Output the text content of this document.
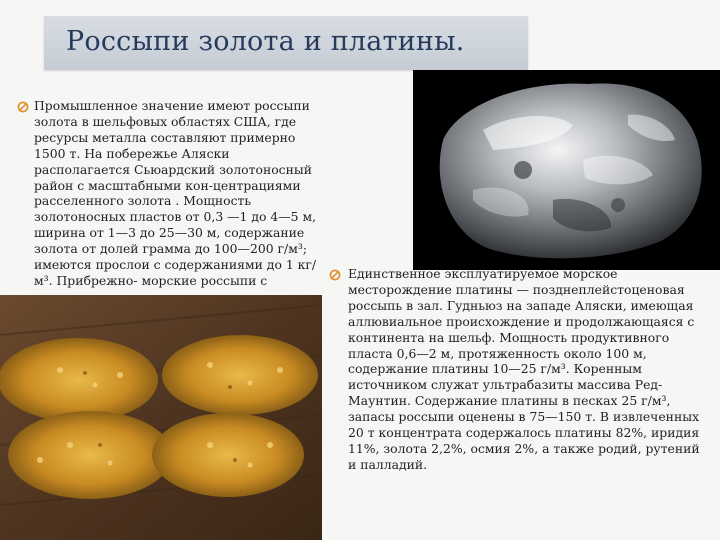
Россыпи золота и платины.
Промышленное значение имеют россыпи золота в шельфовых областях США, где ресурсы металла составляют примерно 1500 т. На побережье Аляски располагается Сьюардский золотоносный район с масштабными кон-центрациями расселенного золота . Мощность золотоносных пластов от 0,3 —1 до 4—5 м, ширина от 1—3 до 25—30 м, содержание золота от долей грамма до 100—200 г/м³; имеются прослои с содержаниями до 1 кг/м³. Прибрежно- морские россыпи с	Единственное эксплуатируемое морское месторождение платины — позднеплейстоценовая россыпь в зал. Гудньюз на западе Аляски, имеющая аллювиальное происхождение и продолжающаяся с континента на шельф. Мощность продуктивного пласта 0,6—2 м, протяженность около 100 м, содержание платины 10—25 г/м³. Коренным источником служат ультрабазиты массива Ред-Маунтин. Содержание платины в песках 25 г/м³, запасы россыпи оценены в 75—150 т. В извлеченных 20 т концентрата содержалось платины 82%, иридия 11%, золота 2,2%, осмия 2%, а также родий, рутений и палладий.
